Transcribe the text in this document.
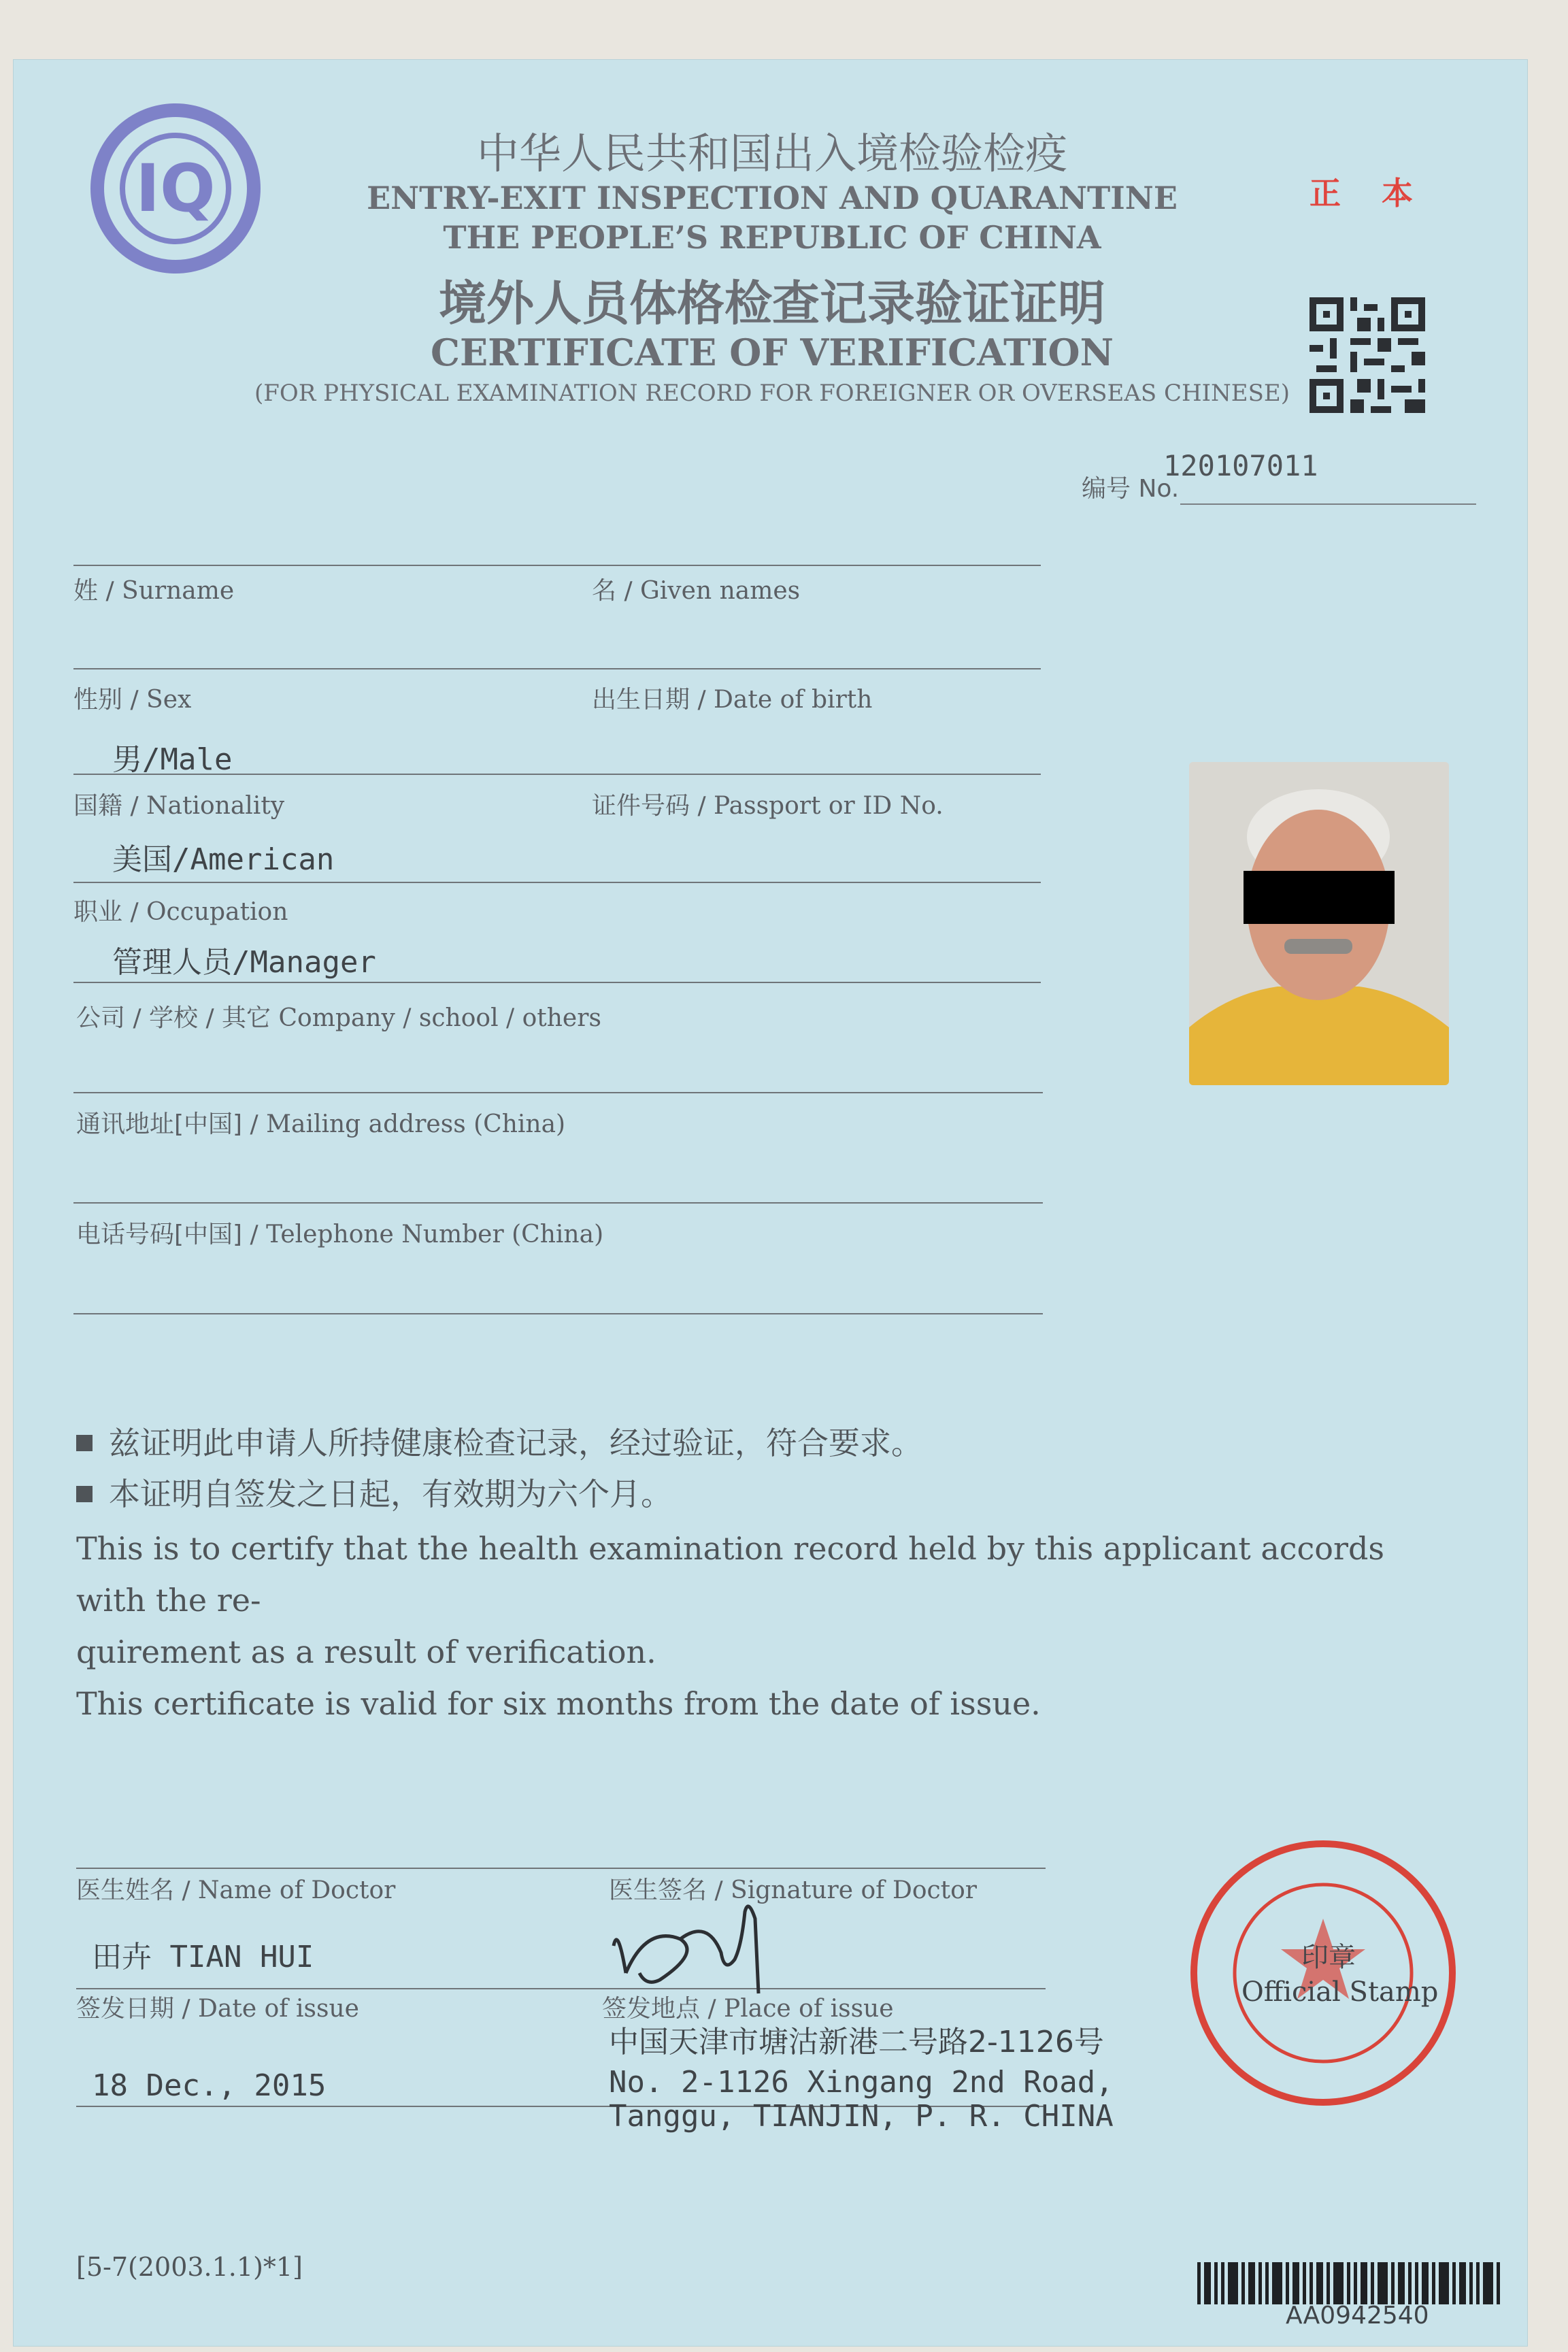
IQ	中华人民共和国出入境检验检疫

ENTRY-EXIT INSPECTION AND QUARANTINE

THE PEOPLE’S REPUBLIC OF CHINA

境外人员体格检查记录验证证明

CERTIFICATE OF VERIFICATION

(FOR PHYSICAL EXAMINATION RECORD FOR FOREIGNER OR OVERSEAS CHINESE)

正本
编号 No.
120107011
姓 / Surname	名 / Given names
性别 / Sex
男/Male
出生日期 / Date of birth
国籍 / Nationality
美国/American
证件号码 / Passport or ID No.
职业 / Occupation
管理人员/Manager
公司 / 学校 / 其它 Company / school / others
通讯地址[中国] / Mailing address (China)
电话号码[中国] / Telephone Number (China)
兹证明此申请人所持健康检查记录，经过验证，符合要求。
本证明自签发之日起，有效期为六个月。

This is to certify that the health examination record held by this applicant accords with the re-
quirement as a result of verification.
This certificate is valid for six months from the date of issue.

医生姓名 / Name of Doctor
田卉 TIAN HUI
医生签名 / Signature of Doctor
签发日期 / Date of issue
18 Dec., 2015
签发地点 / Place of issue
中国天津市塘沽新港二号路2-1126号
No. 2-1126 Xingang 2nd Road,
Tanggu, TIANJIN, P. R. CHINA
印章
Official Stamp
[5-7(2003.1.1)*1]
AA0942540
